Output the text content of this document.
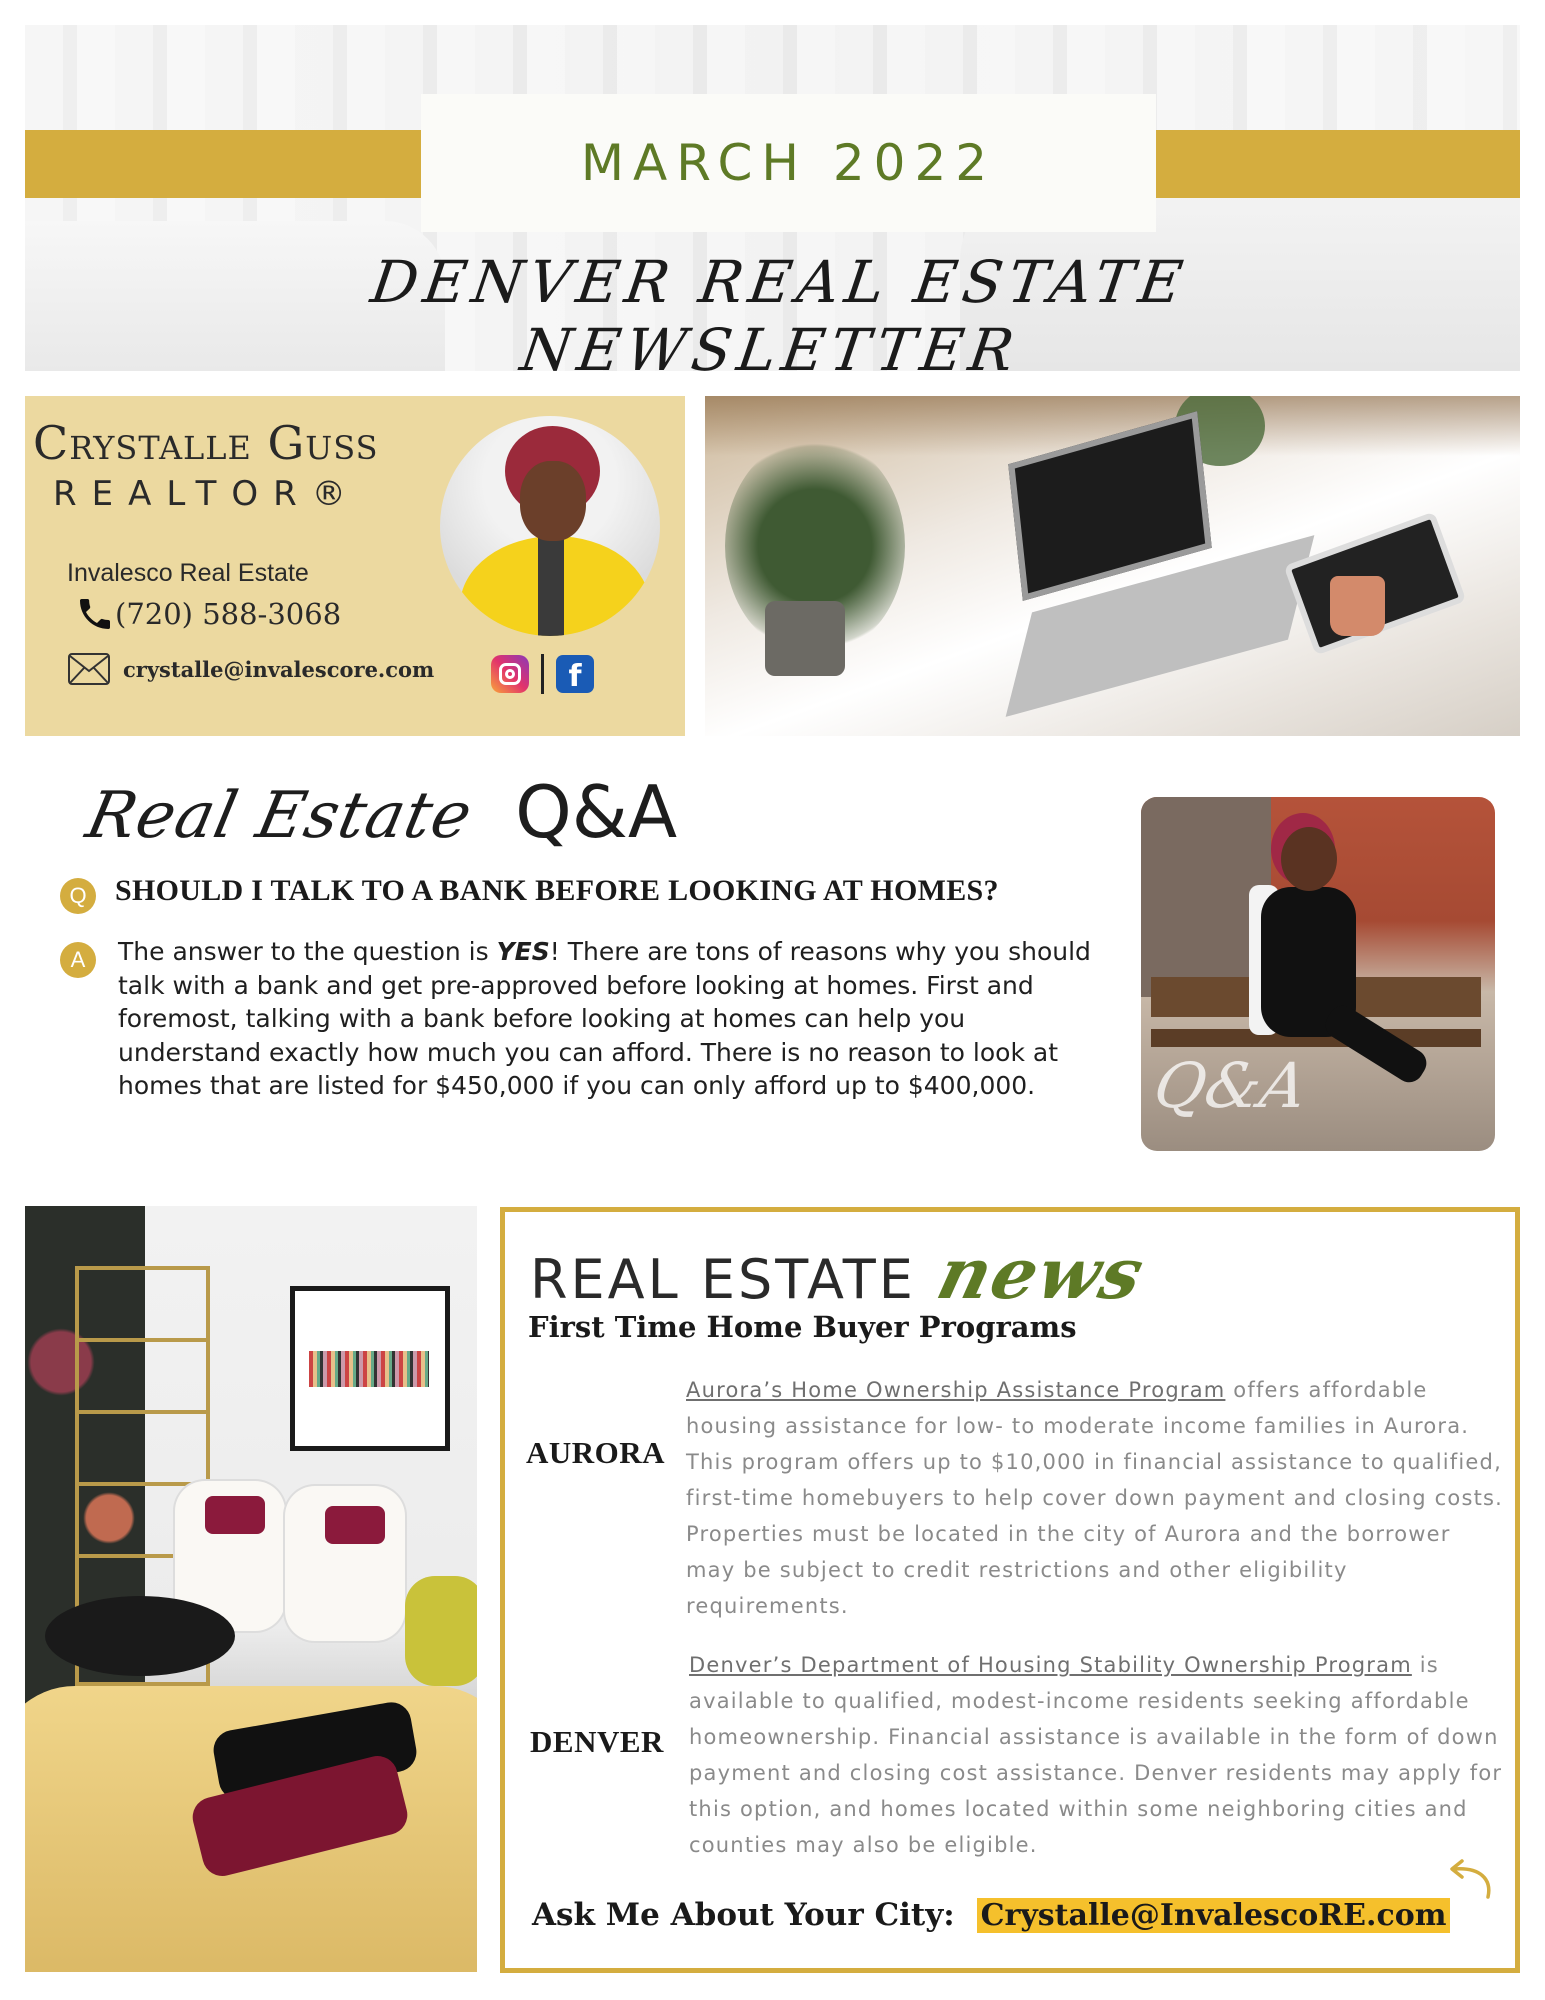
MARCH 2022
DENVER REAL ESTATE NEWSLETTER
Crystalle Guss
REALTOR®
Invalesco Real Estate
(720) 588-3068
crystalle@invalescore.com	f
Real Estate Q&A
Q SHOULD I TALK TO A BANK BEFORE LOOKING AT HOMES?
A	The answer to the question is YES! There are tons of reasons why you should talk with a bank and get pre-approved before looking at homes. First and foremost, talking with a bank before looking at homes can help you understand exactly how much you can afford. There is no reason to look at homes that are listed for $450,000 if you can only afford up to $400,000.	Q&A
REAL ESTATE news
First Time Home Buyer Programs
AURORA
Aurora’s Home Ownership Assistance Program offers affordable housing assistance for low- to moderate income families in Aurora. This program offers up to $10,000 in financial assistance to qualified, first-time homebuyers to help cover down payment and closing costs. Properties must be located in the city of Aurora and the borrower may be subject to credit restrictions and other eligibility requirements.
DENVER
Denver’s Department of Housing Stability Ownership Program is available to qualified, modest-income residents seeking affordable homeownership. Financial assistance is available in the form of down payment and closing cost assistance. Denver residents may apply for this option, and homes located within some neighboring cities and counties may also be eligible.
Ask Me About Your City: Crystalle@InvalescoRE.com
